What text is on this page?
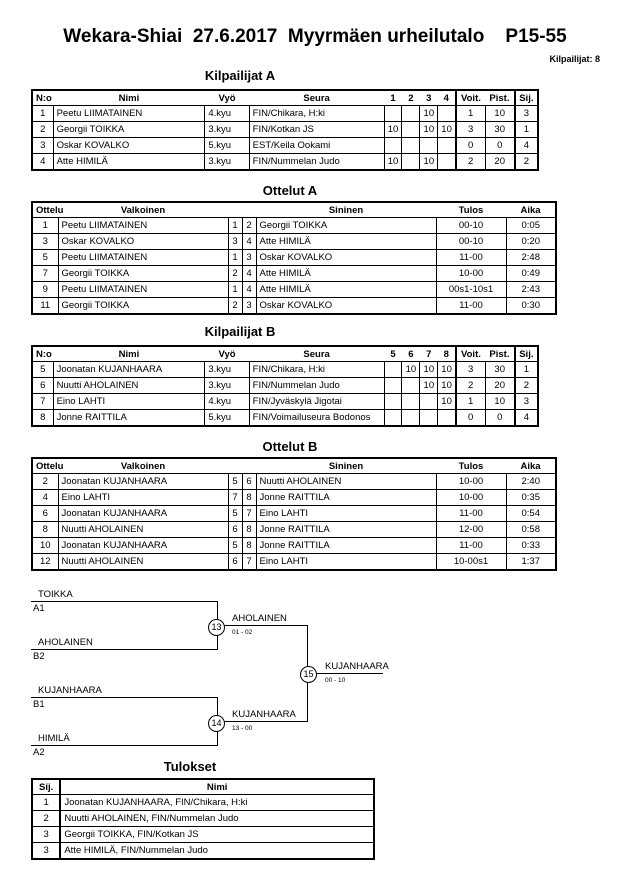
Wekara-Shiai  27.6.2017  Myyrmäen urheilutalo    P15-55
Kilpailijat: 8
Kilpailijat A
N:o	Nimi	Vyö	Seura	1	2	3	4	Voit.	Pist.	Sij.
1	Peetu LIIMATAINEN	4.kyu	FIN/Chikara, H:ki			10		1	10	3
2	Georgii TOIKKA	3.kyu	FIN/Kotkan JS	10		10	10	3	30	1
3	Oskar KOVALKO	5.kyu	EST/Keila Ookami					0	0	4
4	Atte HIMILÄ	3.kyu	FIN/Nummelan Judo	10		10		2	20	2
Ottelut A
Ottelu	Valkoinen			Sininen	Tulos	Aika
1	Peetu LIIMATAINEN	1	2	Georgii TOIKKA	00-10	0:05
3	Oskar KOVALKO	3	4	Atte HIMILÄ	00-10	0:20
5	Peetu LIIMATAINEN	1	3	Oskar KOVALKO	11-00	2:48
7	Georgii TOIKKA	2	4	Atte HIMILÄ	10-00	0:49
9	Peetu LIIMATAINEN	1	4	Atte HIMILÄ	00s1-10s1	2:43
11	Georgii TOIKKA	2	3	Oskar KOVALKO	11-00	0:30
Kilpailijat B
N:o	Nimi	Vyö	Seura	5	6	7	8	Voit.	Pist.	Sij.
5	Joonatan KUJANHAARA	3.kyu	FIN/Chikara, H:ki		10	10	10	3	30	1
6	Nuutti AHOLAINEN	3.kyu	FIN/Nummelan Judo			10	10	2	20	2
7	Eino LAHTI	4.kyu	FIN/Jyväskylä Jigotai				10	1	10	3
8	Jonne RAITTILA	5.kyu	FIN/Voimailuseura Bodonos					0	0	4
Ottelut B
Ottelu	Valkoinen			Sininen	Tulos	Aika
2	Joonatan KUJANHAARA	5	6	Nuutti AHOLAINEN	10-00	2:40
4	Eino LAHTI	7	8	Jonne RAITTILA	10-00	0:35
6	Joonatan KUJANHAARA	5	7	Eino LAHTI	11-00	0:54
8	Nuutti AHOLAINEN	6	8	Jonne RAITTILA	12-00	0:58
10	Joonatan KUJANHAARA	5	8	Jonne RAITTILA	11-00	0:33
12	Nuutti AHOLAINEN	6	7	Eino LAHTI	10-00s1	1:37
TOIKKA
A1
AHOLAINEN
B2
13
AHOLAINEN
01 - 02
KUJANHAARA
B1
HIMILÄ
A2
14
KUJANHAARA
13 - 00
15
KUJANHAARA
00 - 10
Tulokset
Sij.	Nimi
1	Joonatan KUJANHAARA, FIN/Chikara, H:ki
2	Nuutti AHOLAINEN, FIN/Nummelan Judo
3	Georgii TOIKKA, FIN/Kotkan JS
3	Atte HIMILÄ, FIN/Nummelan Judo
